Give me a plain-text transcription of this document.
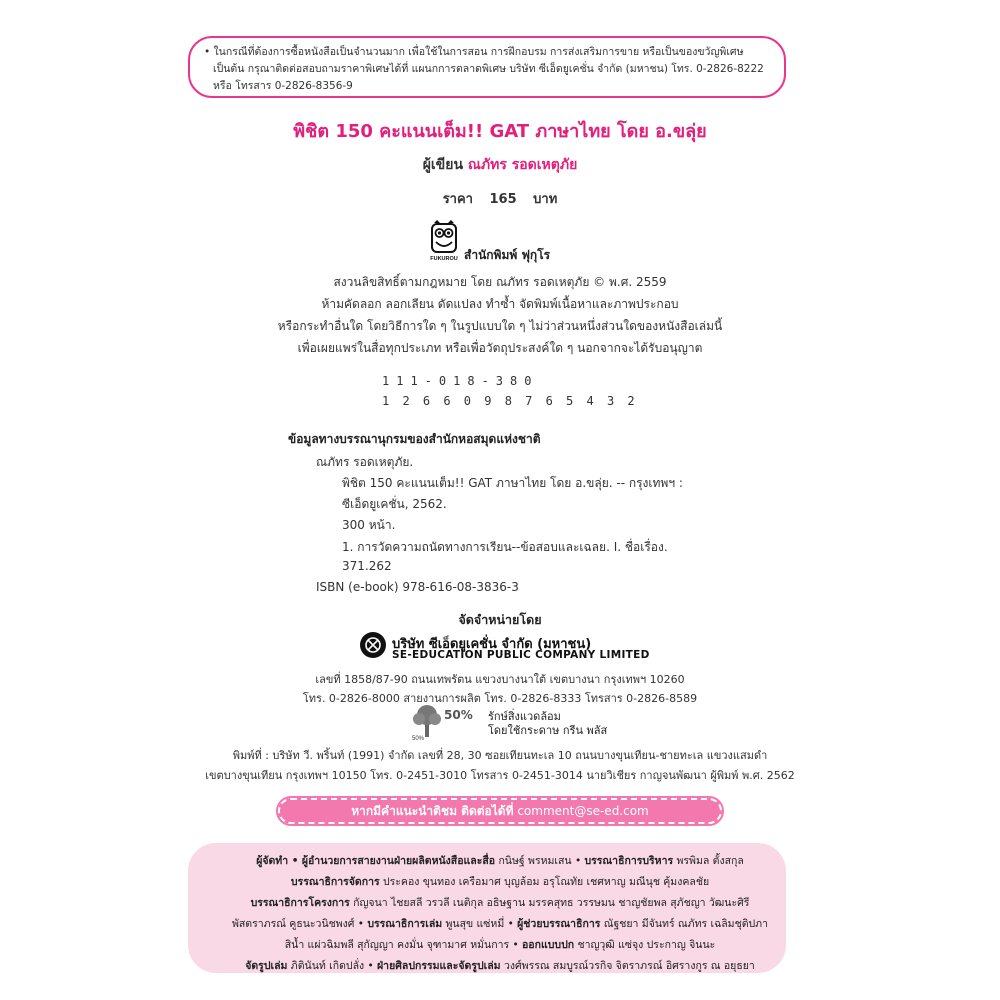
• ในกรณีที่ต้องการซื้อหนังสือเป็นจำนวนมาก เพื่อใช้ในการสอน การฝึกอบรม การส่งเสริมการขาย หรือเป็นของขวัญพิเศษ
เป็นต้น กรุณาติดต่อสอบถามราคาพิเศษได้ที่ แผนกการตลาดพิเศษ บริษัท ซีเอ็ดยูเคชั่น จำกัด (มหาชน) โทร. 0-2826-8222
หรือ โทรสาร 0-2826-8356-9
พิชิต 150 คะแนนเต็ม!! GAT ภาษาไทย โดย อ.ขลุ่ย
ผู้เขียน ณภัทร รอดเหตุภัย
ราคา 165 บาท
FUKUROU สำนักพิมพ์ ฟุกุโร
สงวนลิขสิทธิ์ตามกฎหมาย โดย ณภัทร รอดเหตุภัย © พ.ศ. 2559
ห้ามคัดลอก ลอกเลียน ดัดแปลง ทำซ้ำ จัดพิมพ์เนื้อหาและภาพประกอบ
หรือกระทำอื่นใด โดยวิธีการใด ๆ ในรูปแบบใด ๆ ไม่ว่าส่วนหนึ่งส่วนใดของหนังสือเล่มนี้
เพื่อเผยแพร่ในสื่อทุกประเภท หรือเพื่อวัตถุประสงค์ใด ๆ นอกจากจะได้รับอนุญาต
111-018-380
1 2 6 6 0 9 8 7 6 5 4 3 2
ข้อมูลทางบรรณานุกรมของสำนักหอสมุดแห่งชาติ
ณภัทร รอดเหตุภัย.
พิชิต 150 คะแนนเต็ม!! GAT ภาษาไทย โดย อ.ขลุ่ย. -- กรุงเทพฯ :
ซีเอ็ดยูเคชั่น, 2562.
300 หน้า.
1. การวัดความถนัดทางการเรียน--ข้อสอบและเฉลย. I. ชื่อเรื่อง.
371.262
ISBN (e-book) 978-616-08-3836-3
จัดจำหน่ายโดย
บริษัท ซีเอ็ดยูเคชั่น จำกัด (มหาชน)
SE-EDUCATION PUBLIC COMPANY LIMITED
เลขที่ 1858/87-90 ถนนเทพรัตน แขวงบางนาใต้ เขตบางนา กรุงเทพฯ 10260
โทร. 0-2826-8000 สายงานการผลิต โทร. 0-2826-8333 โทรสาร 0-2826-8589
50%
50% รักษ์สิ่งแวดล้อม
โดยใช้กระดาษ กรีน พลัส
พิมพ์ที่ : บริษัท วี. พริ้นท์ (1991) จำกัด เลขที่ 28, 30 ซอยเทียนทะเล 10 ถนนบางขุนเทียน-ชายทะเล แขวงแสมดำ
เขตบางขุนเทียน กรุงเทพฯ 10150 โทร. 0-2451-3010 โทรสาร 0-2451-3014 นายวิเชียร กาญจนพัฒนา ผู้พิมพ์ พ.ศ. 2562
หากมีคำแนะนำติชม ติดต่อได้ที่ comment@se-ed.com
ผู้จัดทำ • ผู้อำนวยการสายงานฝ่ายผลิตหนังสือและสื่อ กนิษฐ์ พรหมเสน • บรรณาธิการบริหาร พรพิมล ตั้งสกุล
บรรณาธิการจัดการ ประคอง ขุนทอง เครือมาศ บุญล้อม อรุโณทัย เชศหาญ มณีนุช คุ้มงคลชัย
บรรณาธิการโครงการ กัญจนา ไชยสลี วรวลี เนติกุล อธิษฐาน มรรคสุทธ วรรษมน ชาญชัยพล สุภัชญา วัฒนะศิรี
พัสตราภรณ์ คูธนะวนิชพงศ์ • บรรณาธิการเล่ม พูนสุข แซ่หมี่ • ผู้ช่วยบรรณาธิการ ณัฐชยา มีจันทร์ ณภัทร เฉลิมชุติปภา
สิน้ำ แผ่วฉิมพลี สุกัญญา คงมั่น จุฑามาศ หมั่นการ • ออกแบบปก ชาญวุฒิ แซ่จุง ประกาญ จินนะ
จัดรูปเล่ม ภิตินันท์ เกิดปลั่ง • ฝ่ายศิลปกรรมและจัดรูปเล่ม วงศ์พรรณ สมบูรณ์วรกิจ จิตราภรณ์ อิศรางกูร ณ อยุธยา
